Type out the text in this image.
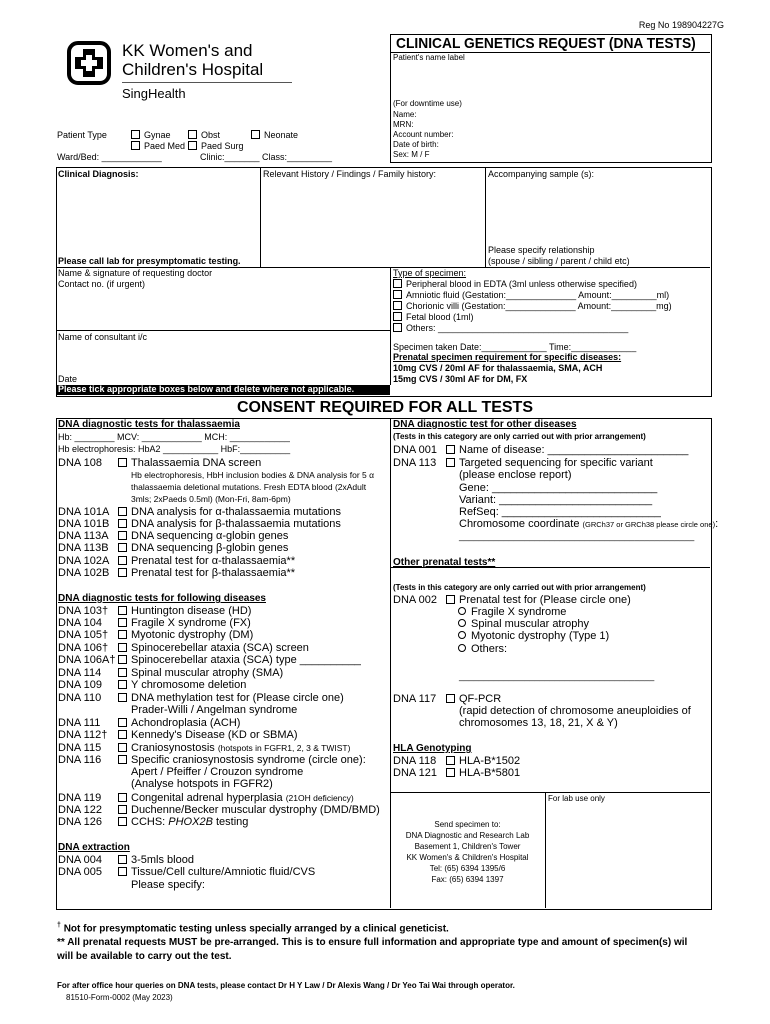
Reg No 198904227G
KK Women's and
Children's Hospital
SingHealth
CLINICAL GENETICS REQUEST (DNA TESTS)
Patient's name label
(For downtime use)
Name:
MRN:
Account number:
Date of birth:
Sex: M / F
Patient Type	Gynae	Obst	Neonate
Paed Med	Paed Surg
Ward/Bed: ____________	Clinic:_______ Class:_________
Clinical Diagnosis:	Relevant History / Findings / Family history:	Accompanying sample (s):
Please call lab for presymptomatic testing.
Please specify relationship
(spouse / sibling / parent / child etc)
Name & signature of requesting doctor
Contact no. (if urgent)
Name of consultant i/c
Date
Type of specimen:
Peripheral blood in EDTA (3ml unless otherwise specified)
Amniotic fluid (Gestation:______________ Amount:_________ml)
Chorionic villi (Gestation:______________ Amount:_________mg)
Fetal blood (1ml)
Others: ______________________________________
Specimen taken Date:_____________ Time:_____________
Prenatal specimen requirement for specific diseases:
10mg CVS / 20ml AF for thalassaemia, SMA, ACH
15mg CVS / 30ml AF for DM, FX
Please tick appropriate boxes below and delete where not applicable.
CONSENT REQUIRED FOR ALL TESTS
DNA diagnostic tests for thalassaemia
Hb: ________ MCV: ____________ MCH: ____________
Hb electrophoresis: HbA2 ___________ HbF:__________
DNA 108	Thalassaemia DNA screen
Hb electrophoresis, HbH inclusion bodies & DNA analysis for 5 α
thalassaemia deletional mutations. Fresh EDTA blood (2xAdult
3mls; 2xPaeds 0.5ml) (Mon-Fri, 8am-6pm)
DNA 101A DNA analysis for α-thalassaemia mutations
DNA 101B DNA analysis for β-thalassaemia mutations
DNA 113A DNA sequencing α-globin genes
DNA 113B DNA sequencing β-globin genes
DNA 102A Prenatal test for α-thalassaemia**
DNA 102B Prenatal test for β-thalassaemia**
DNA diagnostic tests for following diseases
DNA 103† Huntington disease (HD)
DNA 104	Fragile X syndrome (FX)
DNA 105† Myotonic dystrophy (DM)
DNA 106† Spinocerebellar ataxia (SCA) screen
DNA 106A† Spinocerebellar ataxia (SCA) type __________
DNA 114	Spinal muscular atrophy (SMA)
DNA 109	Y chromosome deletion
DNA 110	DNA methylation test for (Please circle one)
Prader-Willi / Angelman syndrome
DNA 111	Achondroplasia (ACH)
DNA 112† Kennedy's Disease (KD or SBMA)
DNA 115	Craniosynostosis (hotspots in FGFR1, 2, 3 & TWIST)
DNA 116	Specific craniosynostosis syndrome (circle one):
Apert / Pfeiffer / Crouzon syndrome
(Analyse hotspots in FGFR2)
DNA 119	Congenital adrenal hyperplasia (21OH deficiency)
DNA 122	Duchenne/Becker muscular dystrophy (DMD/BMD)
DNA 126	CCHS: PHOX2B testing
DNA extraction
DNA 004	3-5mls blood
DNA 005	Tissue/Cell culture/Amniotic fluid/CVS
Please specify:
DNA diagnostic test for other diseases
(Tests in this category are only carried out with prior arrangement)
DNA 001 Name of disease: _______________________
DNA 113 Targeted sequencing for specific variant
(please enclose report)
Gene: ___________________________
Variant: _________________________
RefSeq: __________________________
Chromosome coordinate (GRCh37 or GRCh38 please circle one):
_______________________________________________
Other prenatal tests**
(Tests in this category are only carried out with prior arrangement)
DNA 002 Prenatal test for (Please circle one)
Fragile X syndrome
Spinal muscular atrophy
Myotonic dystrophy (Type 1)
Others:
_______________________________________
DNA 117 QF-PCR
(rapid detection of chromosome aneuploidies of
chromosomes 13, 18, 21, X & Y)
HLA Genotyping
DNA 118 HLA-B*1502
DNA 121 HLA-B*5801
For lab use only
Send specimen to:
DNA Diagnostic and Research Lab
Basement 1, Children's Tower
KK Women's & Children's Hospital
Tel: (65) 6394 1395/6
Fax: (65) 6394 1397
† Not for presymptomatic testing unless specially arranged by a clinical geneticist.
** All prenatal requests MUST be pre-arranged. This is to ensure full information and appropriate type and amount of specimen(s) wil
will be available to carry out the test.
For after office hour queries on DNA tests, please contact Dr H Y Law / Dr Alexis Wang / Dr Yeo Tai Wai through operator.
81510-Form-0002 (May 2023)
